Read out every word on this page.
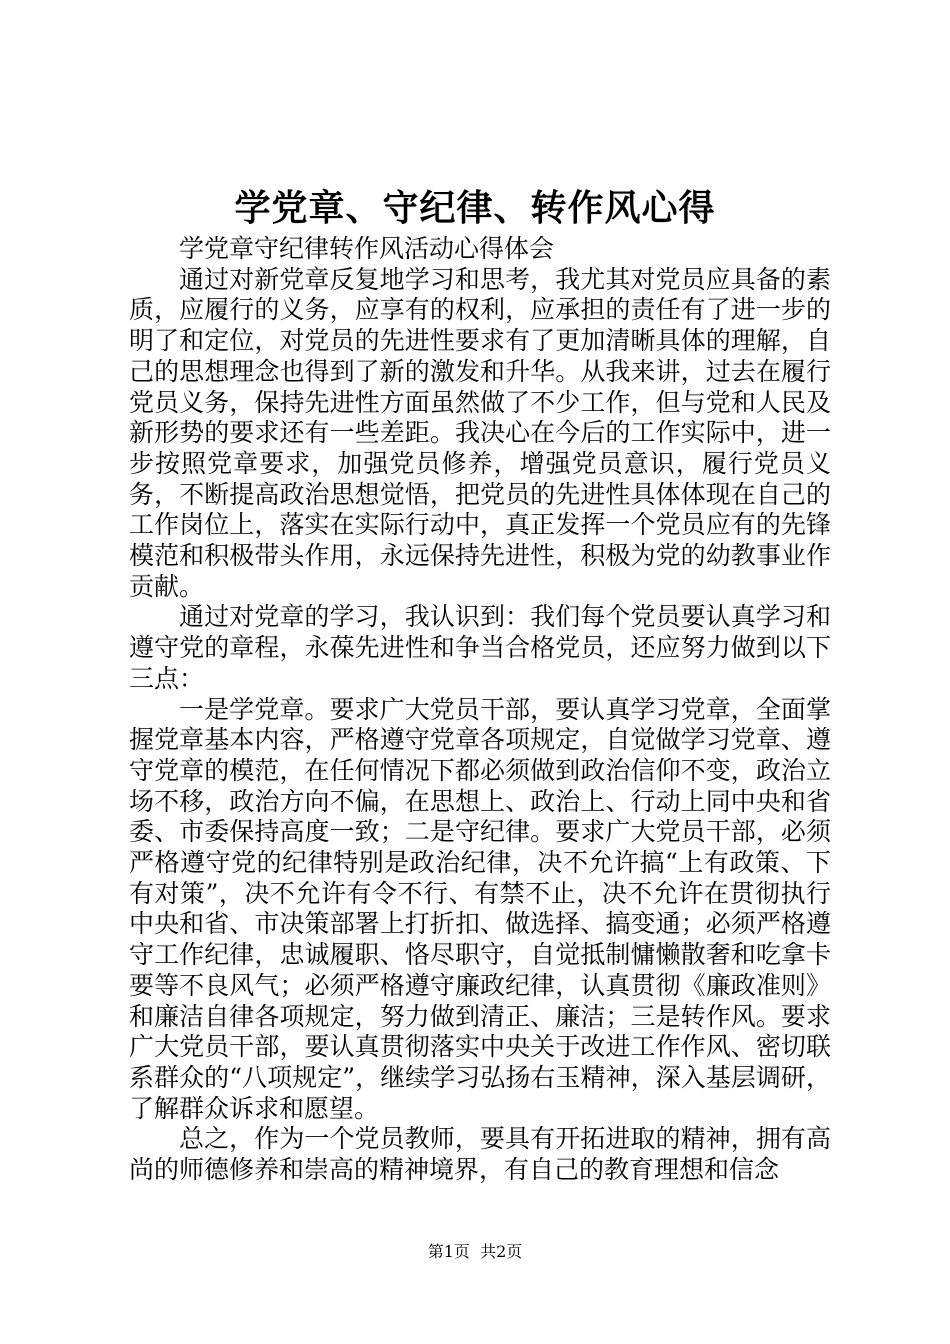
学党章、守纪律、转作风心得

学党章守纪律转作风活动心得体会

通过对新党章反复地学习和思考，我尤其对党员应具备的素质，应履行的义务，应享有的权利，应承担的责任有了进一步的明了和定位，对党员的先进性要求有了更加清晰具体的理解，自己的思想理念也得到了新的激发和升华。从我来讲，过去在履行党员义务，保持先进性方面虽然做了不少工作，但与党和人民及新形势的要求还有一些差距。我决心在今后的工作实际中，进一步按照党章要求，加强党员修养，增强党员意识，履行党员义务，不断提高政治思想觉悟，把党员的先进性具体体现在自己的工作岗位上，落实在实际行动中，真正发挥一个党员应有的先锋模范和积极带头作用，永远保持先进性，积极为党的幼教事业作贡献。

通过对党章的学习，我认识到：我们每个党员要认真学习和遵守党的章程，永葆先进性和争当合格党员，还应努力做到以下三点：

一是学党章。要求广大党员干部，要认真学习党章，全面掌握党章基本内容，严格遵守党章各项规定，自觉做学习党章、遵守党章的模范，在任何情况下都必须做到政治信仰不变，政治立场不移，政治方向不偏，在思想上、政治上、行动上同中央和省委、市委保持高度一致；二是守纪律。要求广大党员干部，必须严格遵守党的纪律特别是政治纪律，决不允许搞“上有政策、下有对策”，决不允许有令不行、有禁不止，决不允许在贯彻执行中央和省、市决策部署上打折扣、做选择、搞变通；必须严格遵守工作纪律，忠诚履职、恪尽职守，自觉抵制慵懒散奢和吃拿卡要等不良风气；必须严格遵守廉政纪律，认真贯彻《廉政准则》和廉洁自律各项规定，努力做到清正、廉洁；三是转作风。要求广大党员干部，要认真贯彻落实中央关于改进工作作风、密切联系群众的“八项规定”，继续学习弘扬右玉精神，深入基层调研，了解群众诉求和愿望。

总之，作为一个党员教师，要具有开拓进取的精神，拥有高尚的师德修养和崇高的精神境界，有自己的教育理想和信念

第1页 共2页
